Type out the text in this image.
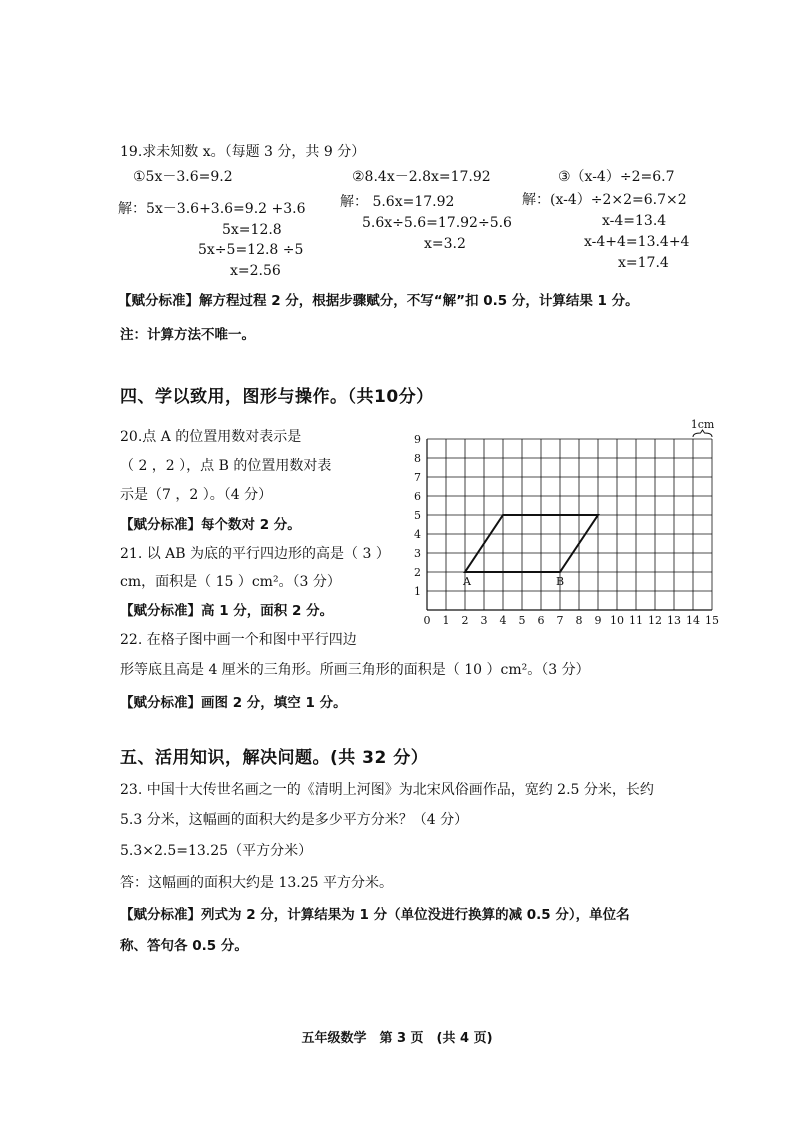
19.求未知数 x。（每题 3 分，共 9 分）
①5x－3.6=9.2
解：5x－3.6+3.6=9.2 +3.6
5x=12.8
5x÷5=12.8 ÷5
x=2.56
②8.4x－2.8x=17.92
解： 5.6x=17.92
5.6x÷5.6=17.92÷5.6
x=3.2
③（x-4）÷2=6.7
解：(x-4）÷2×2=6.7×2
x-4=13.4
x-4+4=13.4+4
x=17.4
【赋分标准】解方程过程 2 分，根据步骤赋分，不写“解”扣 0.5 分，计算结果 1 分。
注：计算方法不唯一。
四、学以致用，图形与操作。（共10分）
20.点 A 的位置用数对表示是
（ 2 ，2 ），点 B 的位置用数对表
示是（7 ，2 ）。（4 分）
【赋分标准】每个数对 2 分。
21. 以 AB 为底的平行四边形的高是（ 3 ）
cm，面积是（ 15 ）cm²。（3 分）
【赋分标准】高 1 分，面积 2 分。
22. 在格子图中画一个和图中平行四边
形等底且高是 4 厘米的三角形。所画三角形的面积是（ 10 ）cm²。（3 分）
【赋分标准】画图 2 分，填空 1 分。
0 1 2 3 4 5 6 7 8 9 10 11 12 13 14 15
1
2
3
4
5
6
7
8
9
A	B
1cm
五、活用知识，解决问题。(共 32 分）
23. 中国十大传世名画之一的《清明上河图》为北宋风俗画作品，宽约 2.5 分米，长约
5.3 分米，这幅画的面积大约是多少平方分米？（4 分）
5.3×2.5=13.25（平方分米）
答：这幅画的面积大约是 13.25 平方分米。
【赋分标准】列式为 2 分，计算结果为 1 分（单位没进行换算的减 0.5 分），单位名
称、答句各 0.5 分。
五年级数学　第 3 页　(共 4 页)
